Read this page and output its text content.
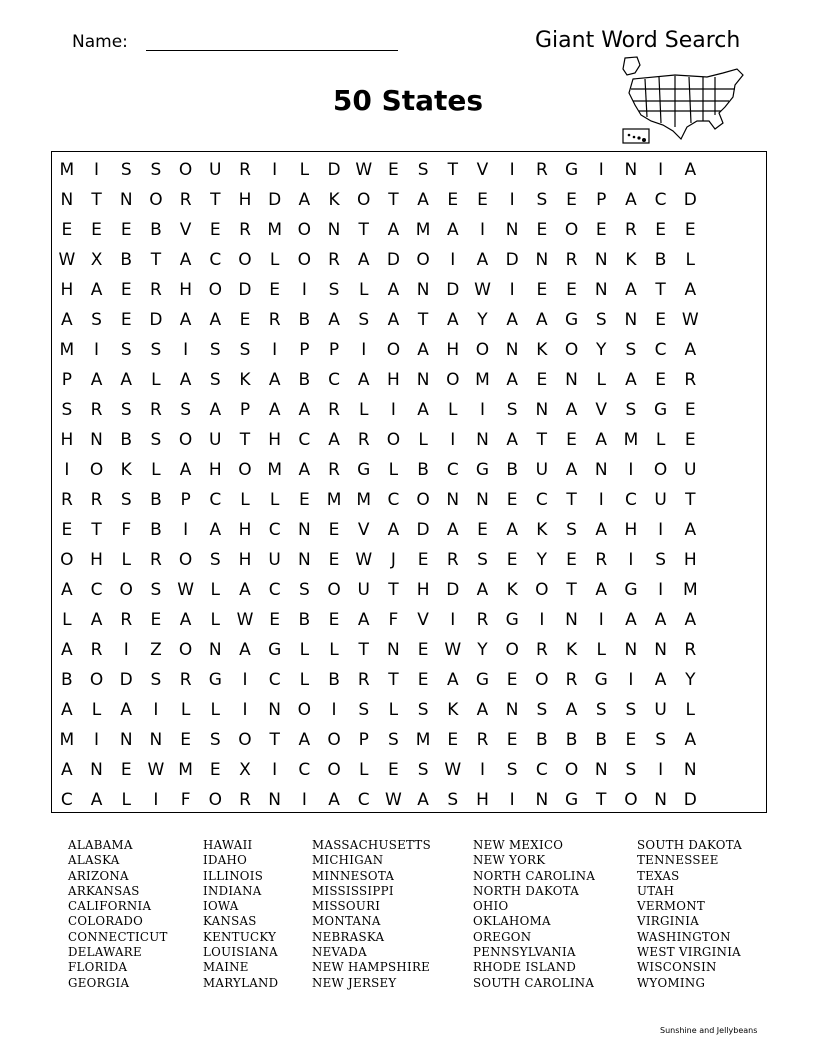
Name:	Giant Word Search
50 States
M	I	S	S	O U	R	I	L	D W E	S	T	V	I	R	G	I	N	I	A
N	T	N O	R	T	H D	A	K	O	T	A	E	E	I	S	E	P	A	C	D
E	E	E	B	V	E	R M O N	T	A M A	I	N	E	O	E	R	E	E
W X	B	T	A	C	O	L	O	R	A	D O	I	A	D N	R	N	K	B	L
H	A	E	R	H O D	E	I	S	L	A	N D W	I	E	E	N	A	T	A
A	S	E	D	A	A	E	R	B	A	S	A	T	A	Y	A	A	G	S	N	E W
M	I	S	S	I	S	S	I	P	P	I	O	A	H O N	K	O	Y	S	C	A
P	A	A	L	A	S	K	A	B	C	A	H N O M A	E	N	L	A	E	R
S	R	S	R	S	A	P	A	A	R	L	I	A	L	I	S	N	A	V	S	G	E
H N	B	S	O U	T	H	C	A	R	O	L	I	N	A	T	E	A M	L	E
I	O	K	L	A	H O M A	R	G	L	B	C	G	B	U	A	N	I	O U
R	R	S	B	P	C	L	L	E M M C	O N N	E	C	T	I	C	U	T
E	T	F	B	I	A	H	C	N	E	V	A	D	A	E	A	K	S	A	H	I	A
O H	L	R	O	S	H	U	N	E W	J	E	R	S	E	Y	E	R	I	S	H
A	C	O	S W L	A	C	S	O U	T	H D	A	K	O	T	A	G	I	M
L	A	R	E	A	L W E	B	E	A	F	V	I	R	G	I	N	I	A	A	A
A	R	I	Z	O N	A	G	L	L	T	N	E W Y	O	R	K	L	N N	R
B	O D	S	R	G	I	C	L	B	R	T	E	A	G	E	O	R	G	I	A	Y
A	L	A	I	L	L	I	N O	I	S	L	S	K	A	N	S	A	S	S	U	L
M	I	N N	E	S	O	T	A	O	P	S M E	R	E	B	B	B	E	S	A
A	N	E W M E	X	I	C	O	L	E	S W	I	S	C	O N	S	I	N
C	A	L	I	F	O	R	N	I	A	C W A	S	H	I	N G	T	O N D
ALABAMA
ALASKA
ARIZONA
ARKANSAS
CALIFORNIA
COLORADO
CONNECTICUT
DELAWARE
FLORIDA
GEORGIA
HAWAII
IDAHO
ILLINOIS
INDIANA
IOWA
KANSAS
KENTUCKY
LOUISIANA
MAINE
MARYLAND
MASSACHUSETTS
MICHIGAN
MINNESOTA
MISSISSIPPI
MISSOURI
MONTANA
NEBRASKA
NEVADA
NEW HAMPSHIRE
NEW JERSEY
NEW MEXICO
NEW YORK
NORTH CAROLINA
NORTH DAKOTA
OHIO
OKLAHOMA
OREGON
PENNSYLVANIA
RHODE ISLAND
SOUTH CAROLINA
SOUTH DAKOTA
TENNESSEE
TEXAS
UTAH
VERMONT
VIRGINIA
WASHINGTON
WEST VIRGINIA
WISCONSIN
WYOMING
Sunshine and Jellybeans
